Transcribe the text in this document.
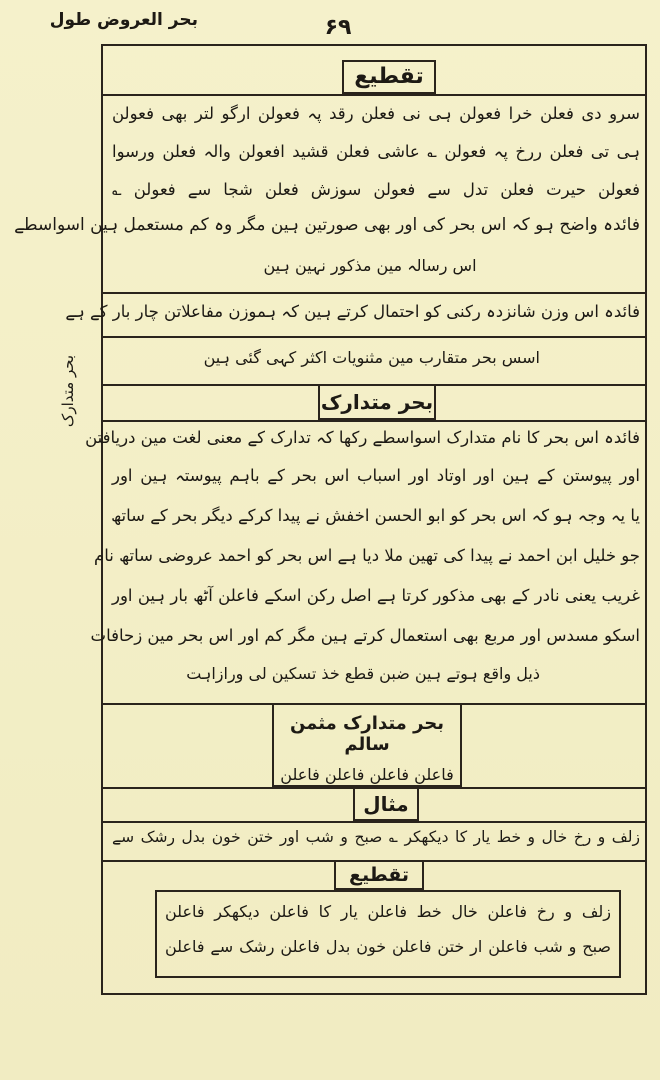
بحر العروض طول	۶۹
بحر متدارک
تقطیع
سرو دی فعلن خرا فعولن ہی نی فعلن رقد پہ فعولن ارگو لتر بھی فعولن
ہی تی فعلن ررخ پہ فعولن ؎ عاشی فعلن قشید افعولن والہ فعلن ورسوا
فعولن حیرت فعلن تدل سے فعولن سوزش فعلن شجا سے فعولن ؎
فائدہ واضح ہو کہ اس بحر کی اور بھی صورتین ہین مگر وہ کم مستعمل ہین اسواسطے
اس رسالہ مین مذکور نہین ہین
فائدہ اس وزن شانزدہ رکنی کو احتمال کرتے ہین کہ ہموزن مفاعلاتن چار بار کے ہے
اسس بحر متقارب مین مثنویات اکثر کہی گئی ہین
بحر متدارک
فائدہ اس بحر کا نام متدارک اسواسطے رکھا کہ تدارک کے معنی لغت مین دریافتن
اور پیوستن کے ہین اور اوتاد اور اسباب اس بحر کے باہم پیوستہ ہین اور
یا یہ وجہ ہو کہ اس بحر کو ابو الحسن اخفش نے پیدا کرکے دیگر بحر کے ساتھ
جو خلیل ابن احمد نے پیدا کی تھین ملا دیا ہے اس بحر کو احمد عروضی ساتھ نام
غریب یعنی نادر کے بھی مذکور کرتا ہے اصل رکن اسکے فاعلن آٹھ بار ہین اور
اسکو مسدس اور مربع بھی استعمال کرتے ہین مگر کم اور اس بحر مین زحافات
ذیل واقع ہوتے ہین ضبن قطع خذ تسکین لی ورازاہت
بحر متدارک مثمن سالم
فاعلن فاعلن فاعلن فاعلن
مثال
زلف و رخ خال و خط یار کا دیکھکر ؎ صبح و شب اور ختن خون بدل رشک سے
تقطیع
زلف و رخ فاعلن خال خط فاعلن یار کا فاعلن دیکھکر فاعلن
صبح و شب فاعلن ار ختن فاعلن خون بدل فاعلن رشک سے فاعلن
